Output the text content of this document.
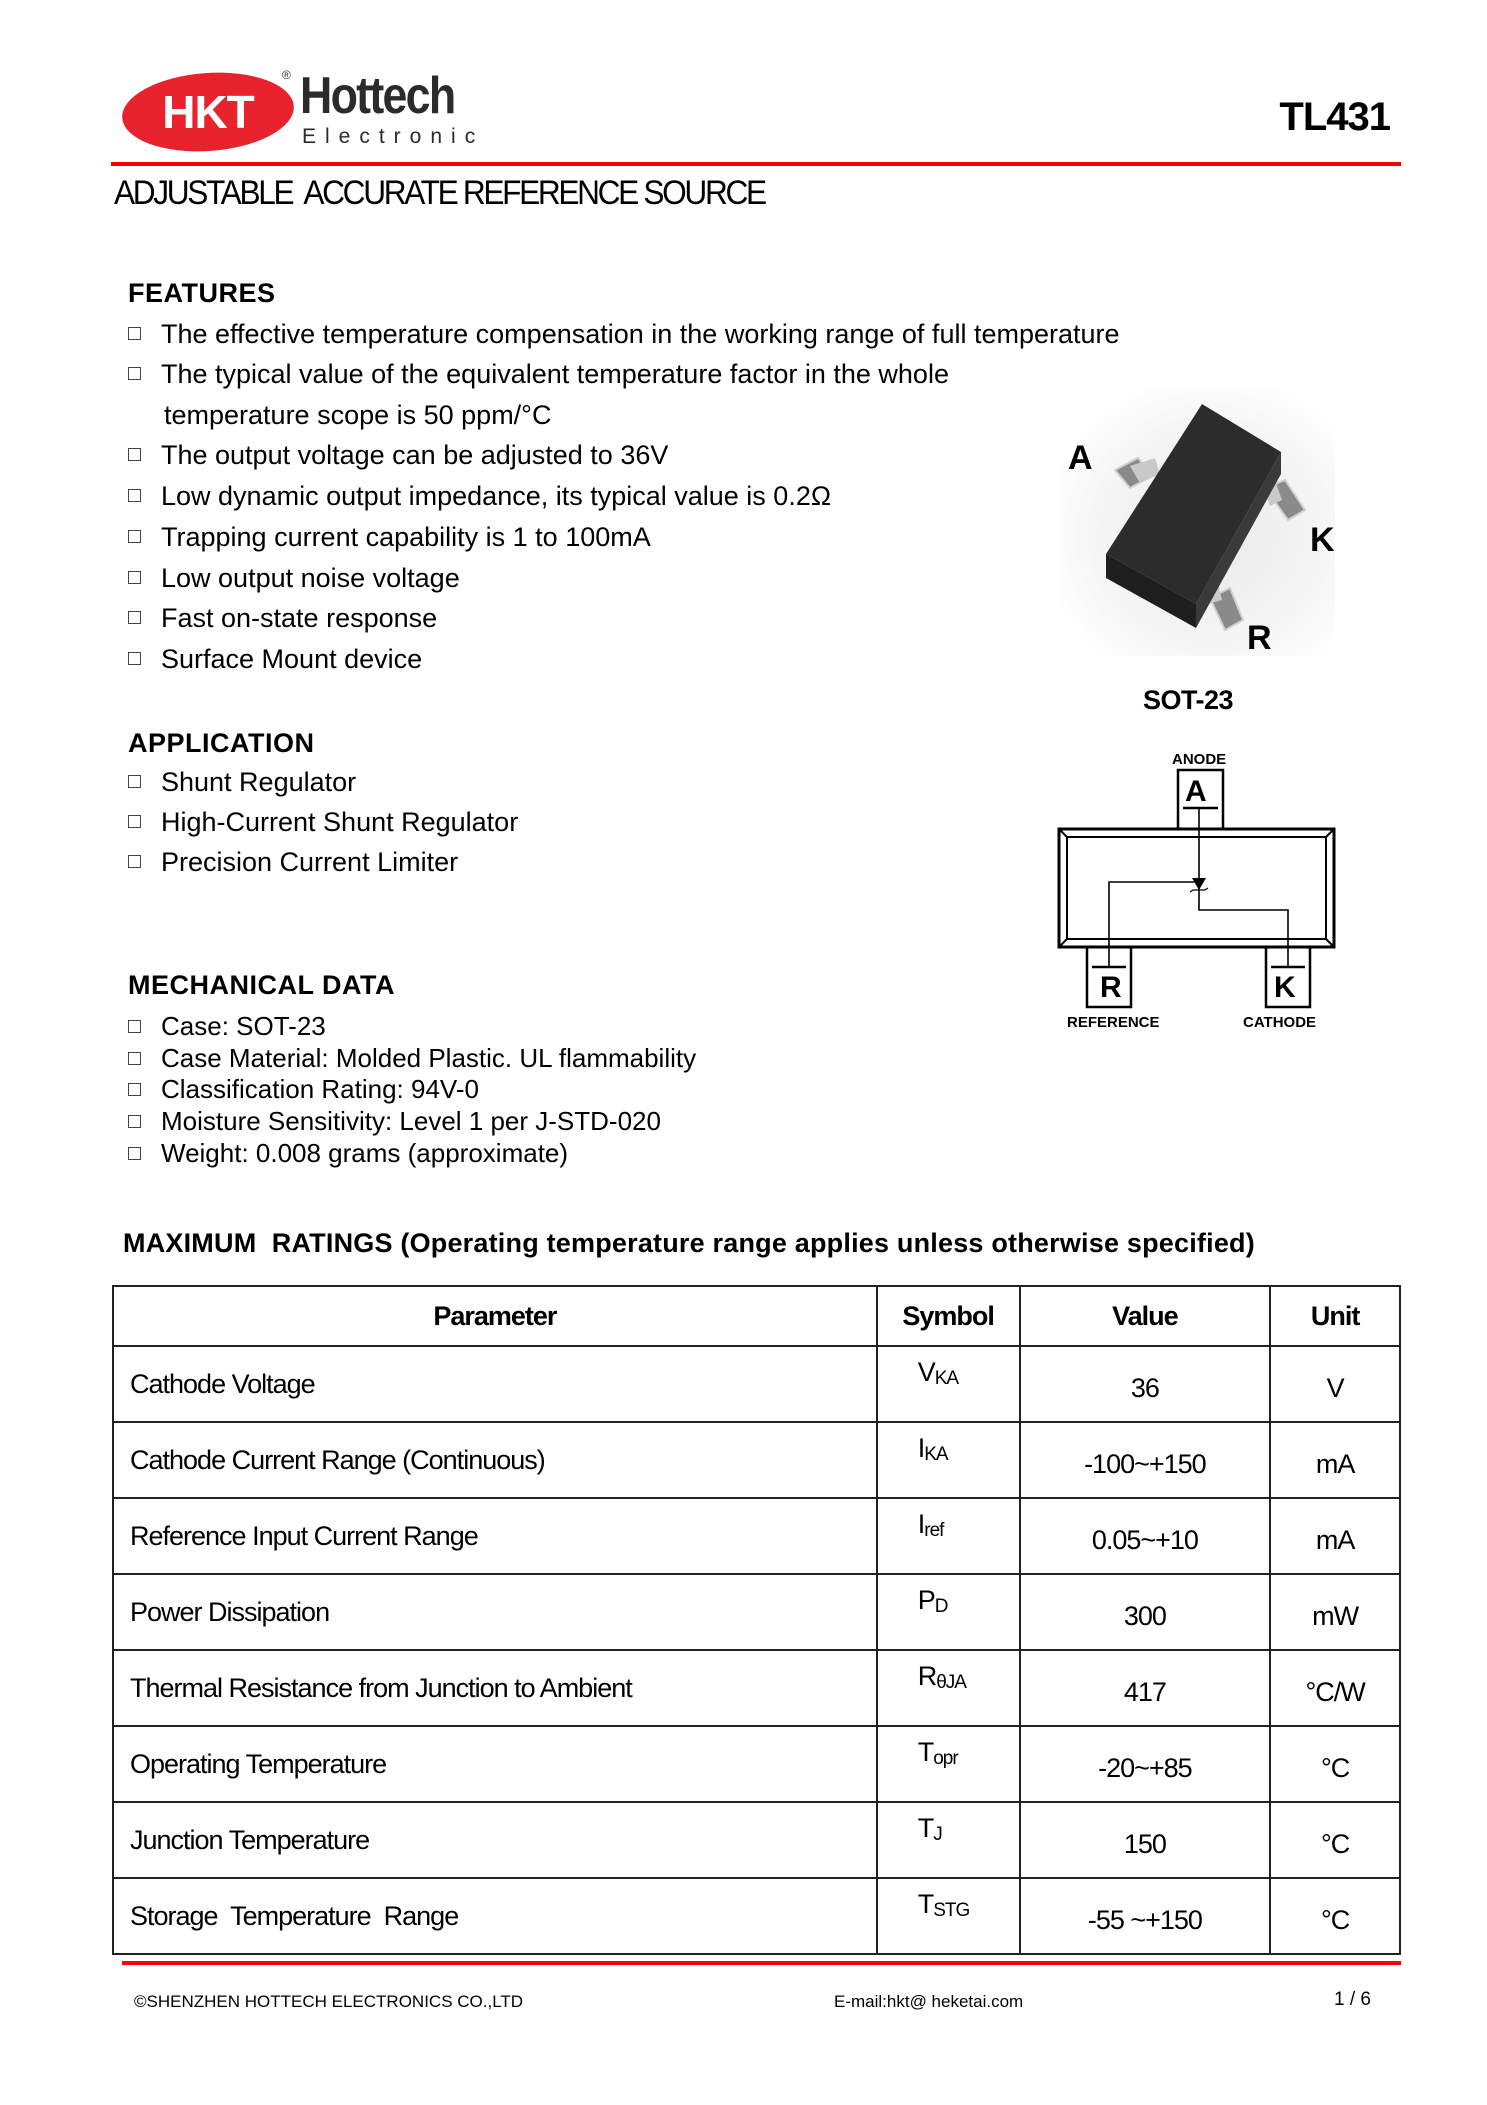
HKT
® Hottech
Electronic	TL431
ADJUSTABLE  ACCURATE REFERENCE SOURCE
FEATURES
The effective temperature compensation in the working range of full temperature
The typical value of the equivalent temperature factor in the whole
temperature scope is 50 ppm/°C
The output voltage can be adjusted to 36V
Low dynamic output impedance, its typical value is 0.2Ω
Trapping current capability is 1 to 100mA
Low output noise voltage
Fast on-state response
Surface Mount device
APPLICATION
Shunt Regulator
High-Current Shunt Regulator
Precision Current Limiter
MECHANICAL DATA
Case: SOT-23
Case Material: Molded Plastic. UL flammability
Classification Rating: 94V-0
Moisture Sensitivity: Level 1 per J-STD-020
Weight: 0.008 grams (approximate)
A
K
R
SOT-23
ANODE
A
R	K
REFERENCE	CATHODE
MAXIMUM  RATINGS (Operating temperature range applies unless otherwise specified)
Parameter	Symbol	Value	Unit
Cathode Voltage	$V_{KA}$	36	V
Cathode Current Range (Continuous)	$I_{KA}$	-100~+150	mA
Reference Input Current Range	$I_{ref}$	0.05~+10	mA
Power Dissipation	$P_D$	300	mW
Thermal Resistance from Junction to Ambient	$R_{\theta JA}$	417	°C/W
Operating Temperature	$T_{opr}$	-20~+85	°C
Junction Temperature	$T_J$	150	°C
Storage  Temperature  Range	$T_{STG}$	-55 ~+150	°C
©SHENZHEN HOTTECH ELECTRONICS CO.,LTD	E-mail:hkt@ heketai.com	1 / 6
